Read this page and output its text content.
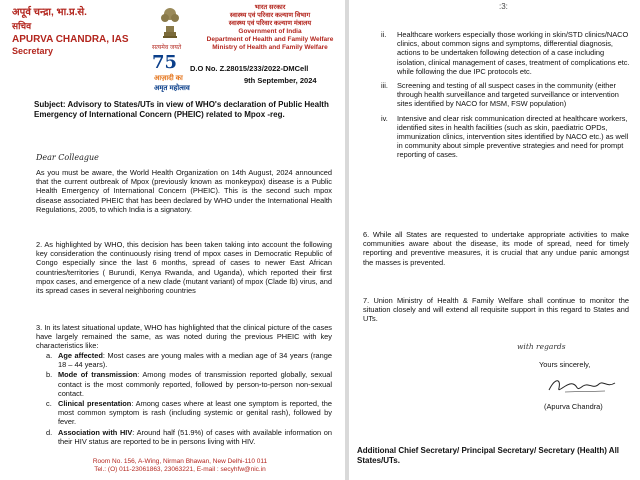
अपूर्व चन्द्रा, भा.प्र.से.
सचिव
APURVA CHANDRA, IAS
Secretary	सत्यमेव जयते
भारत सरकार
स्वास्थ्य एवं परिवार कल्याण विभाग
स्वास्थ्य एवं परिवार कल्याण मंत्रालय
Government of India
Department of Health and Family Welfare
Ministry of Health and Family Welfare
75
आज़ादी का
अमृत महोत्सव
D.O No. Z.28015/233/2022-DMCell
9th September, 2024
Subject: Advisory to States/UTs in view of WHO's declaration of Public Health Emergency of International Concern (PHEIC) related to Mpox -reg.
Dear Colleague
As you must be aware, the World Health Organization on 14th August, 2024 announced that the current outbreak of Mpox (previously known as monkeypox) disease is a Public Health Emergency of International Concern (PHEIC). This is the second such mpox disease associated PHEIC that has been declared by WHO under the International Health Regulations, 2005, to which India is a signatory.
2. As highlighted by WHO, this decision has been taken taking into account the following key consideration the continuously rising trend of mpox cases in Democratic Republic of Congo especially since the last 6 months, spread of cases to newer East African countries/territories ( Burundi, Kenya Rwanda, and Uganda), which reported their first mpox cases, and emergence of a new clade (mutant variant) of mpox (Clade Ib) virus, and its spread cases in several neighboring countries
3. In its latest situational update, WHO has highlighted that the clinical picture of the cases have largely remained the same, as was noted during the previous PHEIC with key characteristics like:
a. Age affected: Most cases are young males with a median age of 34 years (range 18 – 44 years).
b. Mode of transmission: Among modes of transmission reported globally, sexual contact is the most commonly reported, followed by person-to-person non-sexual contact.
c. Clinical presentation: Among cases where at least one symptom is reported, the most common symptom is rash (including systemic or genital rash), followed by fever.
d. Association with HIV: Around half (51.9%) of cases with available information on their HIV status are reported to be in persons living with HIV.
Room No. 156, A-Wing, Nirman Bhawan, New Delhi-110 011
Tel.: (O) 011-23061863, 23063221, E-mail : secyhfw@nic.in
:3:
ii.	Healthcare workers especially those working in skin/STD clinics/NACO clinics, about common signs and symptoms, differential diagnosis, actions to be undertaken following detection of a case including isolation, clinical management of cases, treatment of complications etc. while following the due IPC protocols etc.
iii.	Screening and testing of all suspect cases in the community (either through health surveillance and targeted surveillance or intervention sites identified by NACO for MSM, FSW population)
iv.	Intensive and clear risk communication directed at healthcare workers, identified sites in health facilities (such as skin, paediatric OPDs, immunization clinics, intervention sites identified by NACO etc.) as well in community about simple preventive strategies and need for prompt reporting of cases.
6. While all States are requested to undertake appropriate activities to make communities aware about the disease, its mode of spread, need for timely reporting and preventive measures, it is crucial that any undue panic amongst the masses is prevented.
7. Union Ministry of Health & Family Welfare shall continue to monitor the situation closely and will extend all requisite support in this regard to States and UTs.
with regards
Yours sincerely,
(Apurva Chandra)
Additional Chief Secretary/ Principal Secretary/ Secretary (Health) All States/UTs.
